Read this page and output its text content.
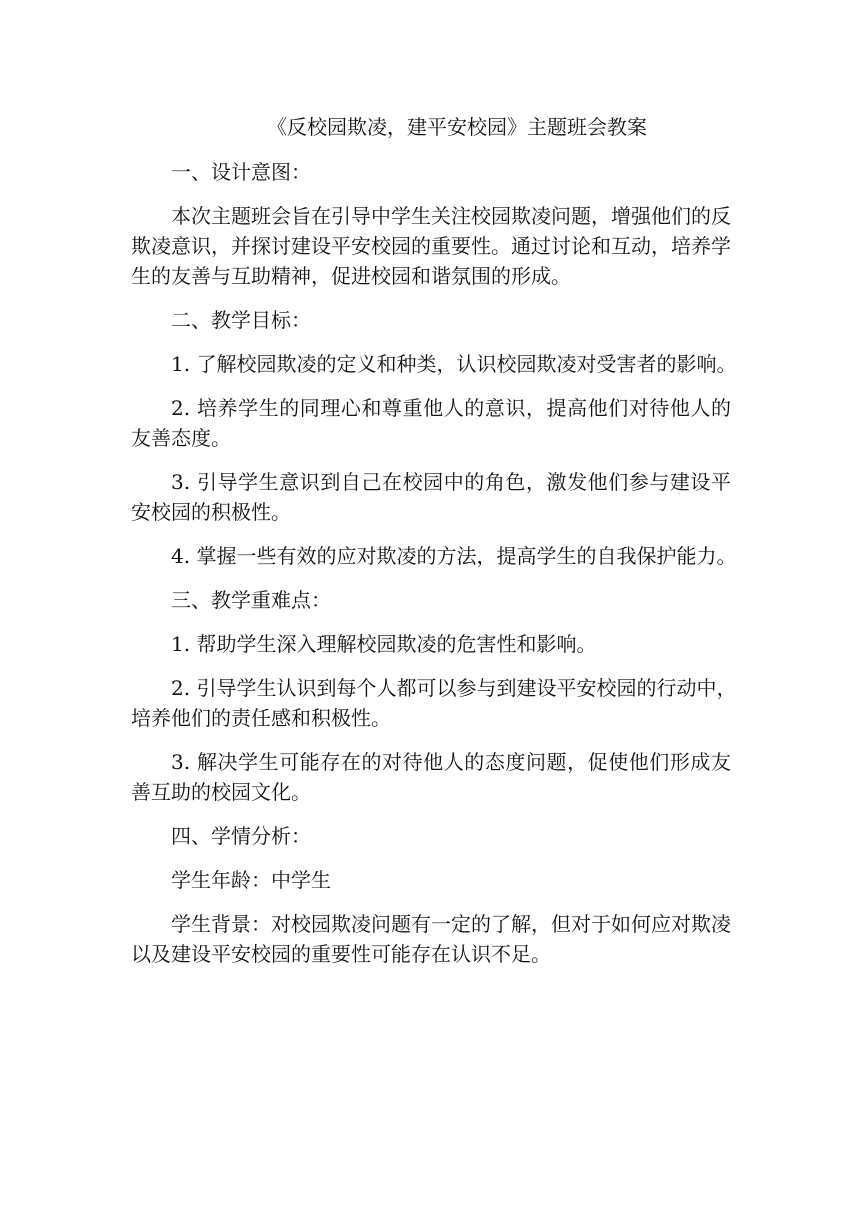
《反校园欺凌，建平安校园》主题班会教案

一、设计意图：

本次主题班会旨在引导中学生关注校园欺凌问题，增强他们的反
欺凌意识，并探讨建设平安校园的重要性。通过讨论和互动，培养学
生的友善与互助精神，促进校园和谐氛围的形成。

二、教学目标：

1. 了解校园欺凌的定义和种类，认识校园欺凌对受害者的影响。

2. 培养学生的同理心和尊重他人的意识，提高他们对待他人的
友善态度。

3. 引导学生意识到自己在校园中的角色，激发他们参与建设平
安校园的积极性。

4. 掌握一些有效的应对欺凌的方法，提高学生的自我保护能力。

三、教学重难点：

1. 帮助学生深入理解校园欺凌的危害性和影响。

2. 引导学生认识到每个人都可以参与到建设平安校园的行动中，
培养他们的责任感和积极性。

3. 解决学生可能存在的对待他人的态度问题，促使他们形成友
善互助的校园文化。

四、学情分析：

学生年龄：中学生

学生背景：对校园欺凌问题有一定的了解，但对于如何应对欺凌
以及建设平安校园的重要性可能存在认识不足。
